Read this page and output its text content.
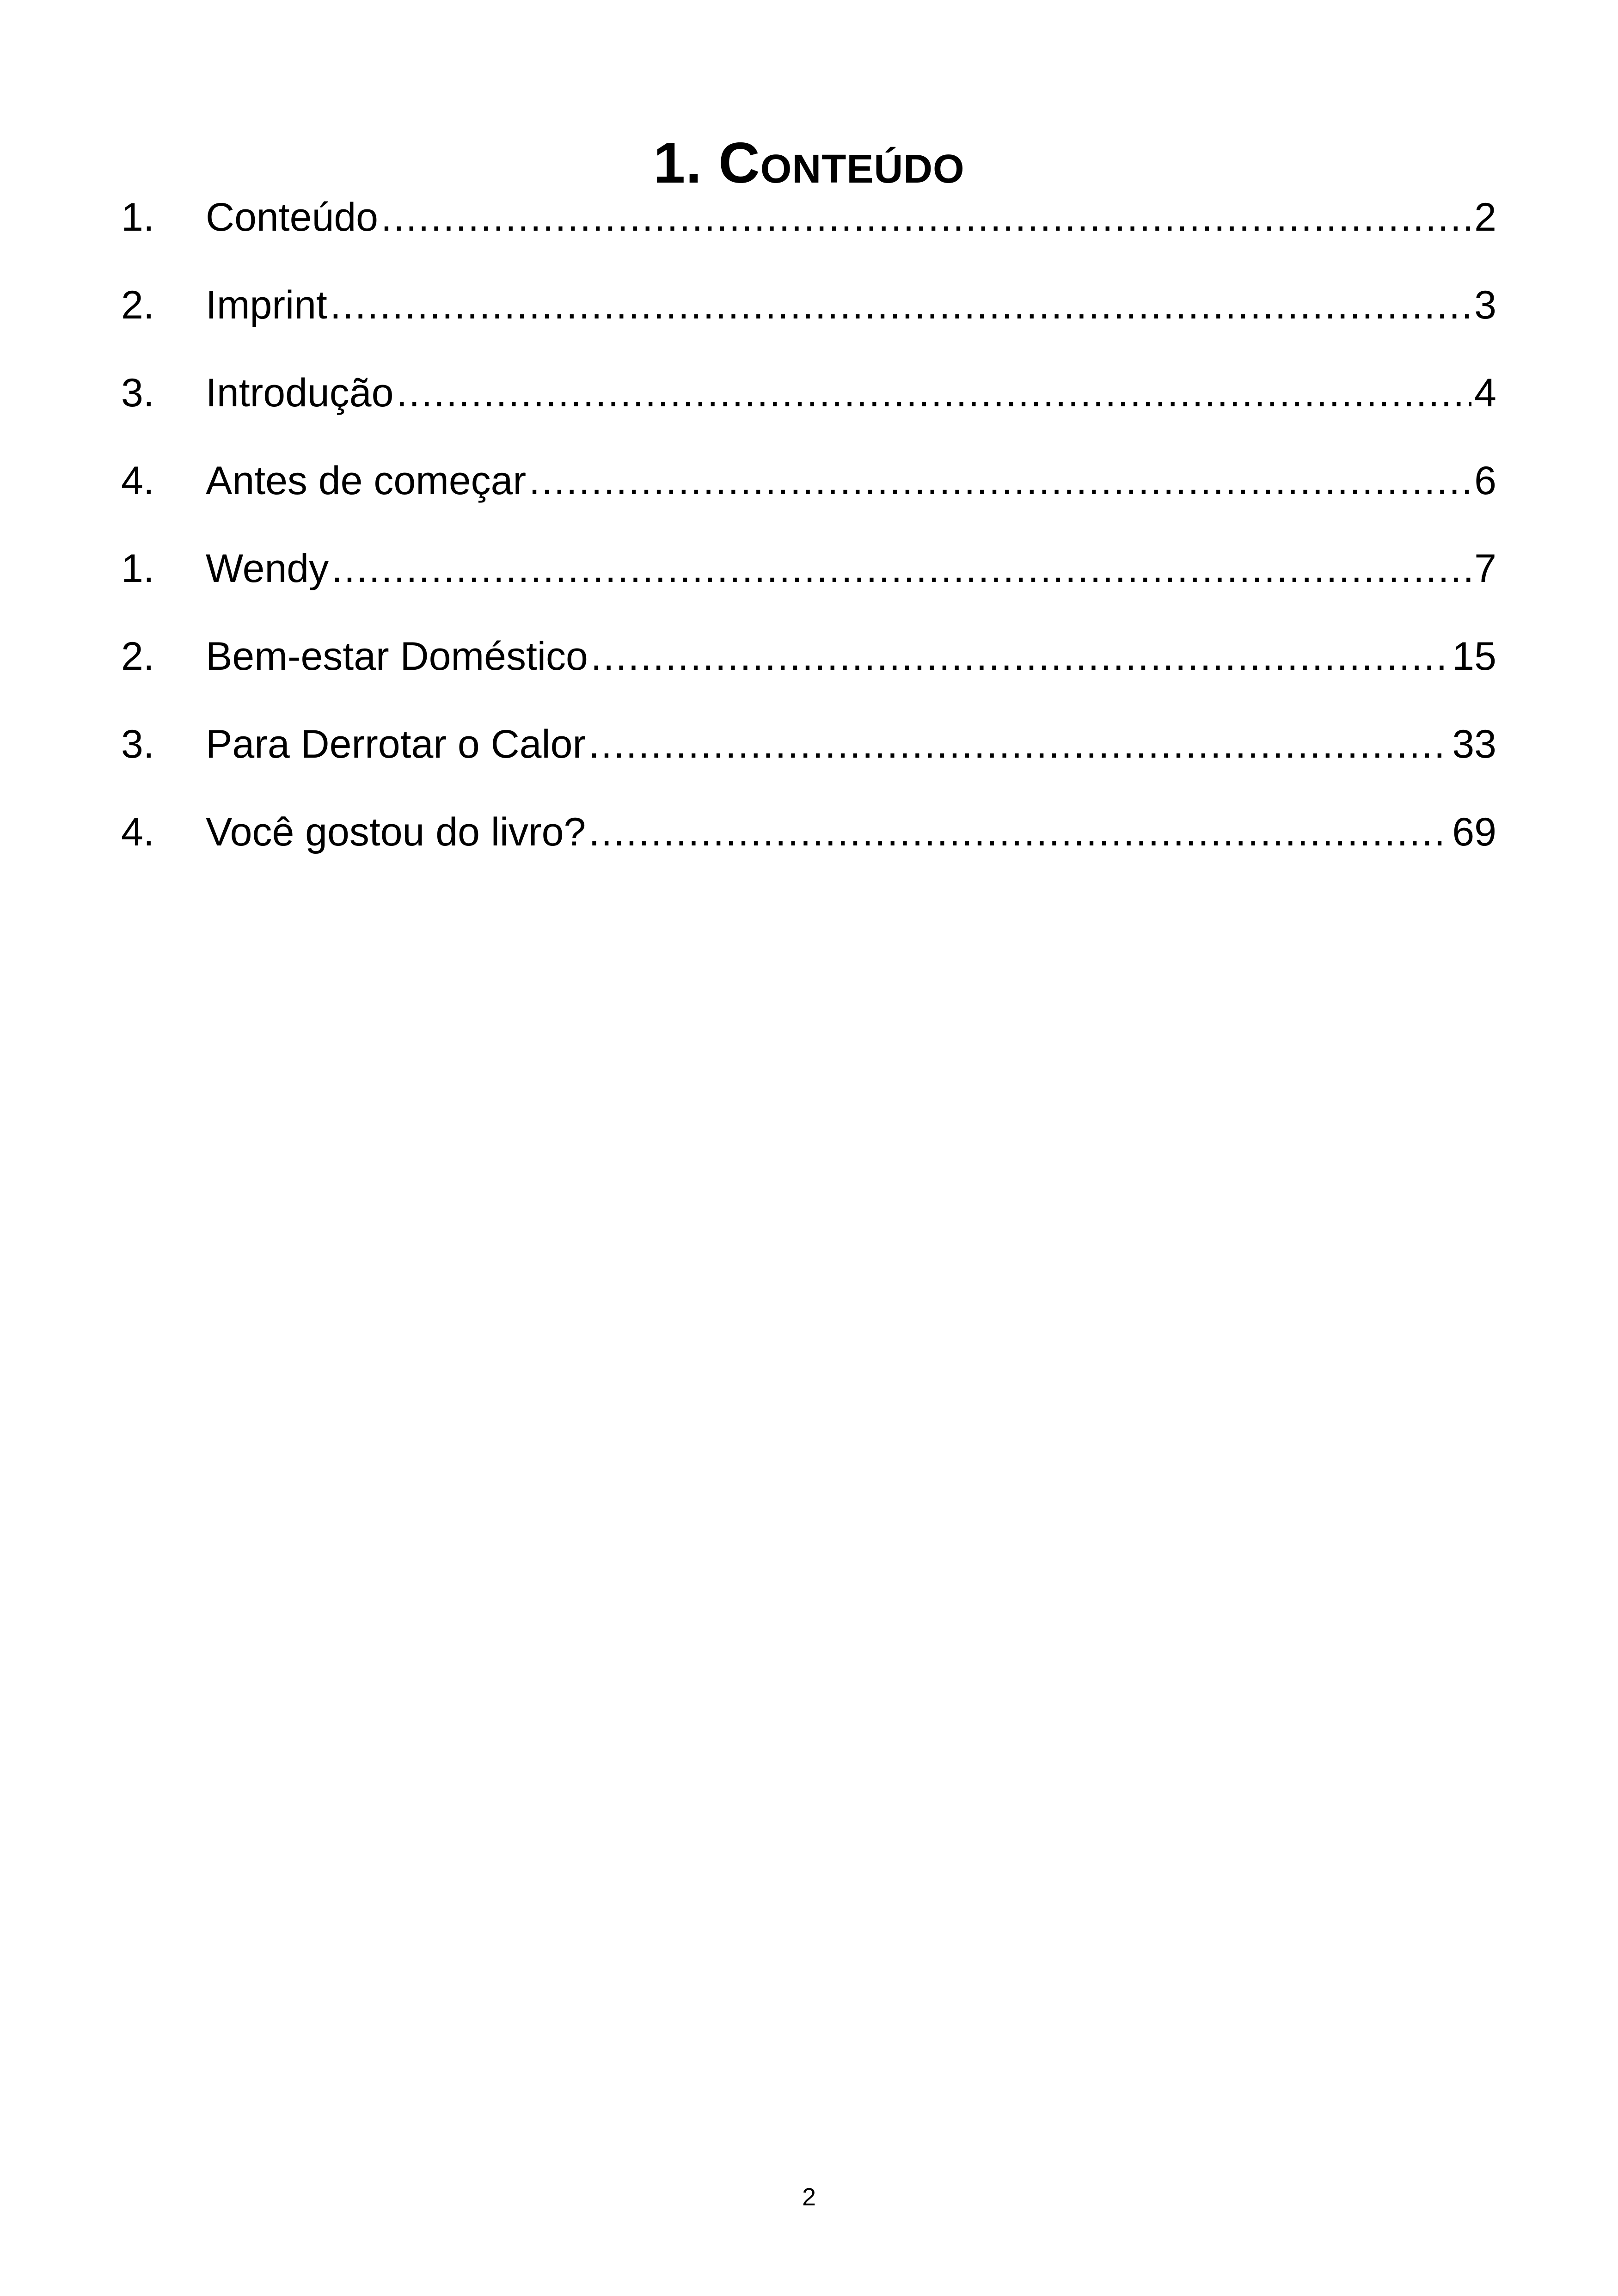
1. Conteúdo
1.	Conteúdo .....	2
2.	Imprint .....	3
3.	Introdução .....	4
4.	Antes de começar .....	6
1.	Wendy .....	7
2.	Bem-estar Doméstico .....	15
3.	Para Derrotar o Calor .....	33
4.	Você gostou do livro? .....	69
2
